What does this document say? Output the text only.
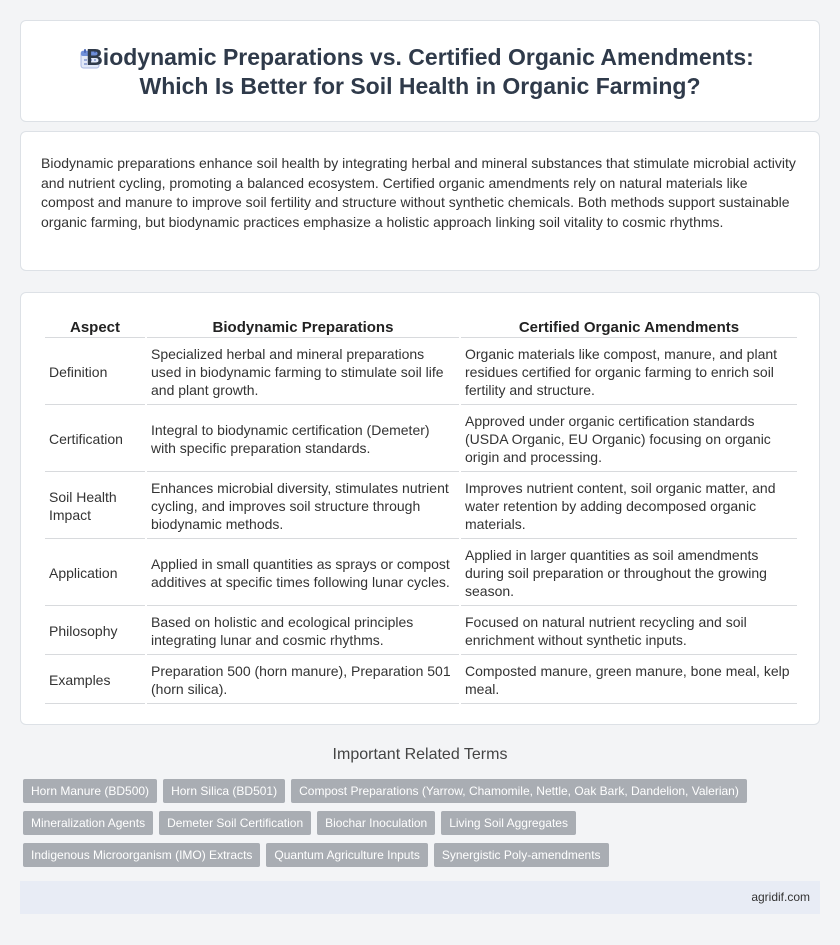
Biodynamic Preparations vs. Certified Organic Amendments:
Which Is Better for Soil Health in Organic Farming?

Biodynamic preparations enhance soil health by integrating herbal and mineral substances that stimulate microbial activity and nutrient cycling, promoting a balanced ecosystem. Certified organic amendments rely on natural materials like compost and manure to improve soil fertility and structure without synthetic chemicals. Both methods support sustainable organic farming, but biodynamic practices emphasize a holistic approach linking soil vitality to cosmic rhythms.

Aspect	Biodynamic Preparations	Certified Organic Amendments
Definition	Specialized herbal and mineral preparations used in biodynamic farming to stimulate soil life and plant growth.	Organic materials like compost, manure, and plant residues certified for organic farming to enrich soil fertility and structure.
Certification	Integral to biodynamic certification (Demeter) with specific preparation standards.	Approved under organic certification standards (USDA Organic, EU Organic) focusing on organic origin and processing.
Soil Health Impact	Enhances microbial diversity, stimulates nutrient cycling, and improves soil structure through biodynamic methods.	Improves nutrient content, soil organic matter, and water retention by adding decomposed organic materials.
Application	Applied in small quantities as sprays or compost additives at specific times following lunar cycles.	Applied in larger quantities as soil amendments during soil preparation or throughout the growing season.
Philosophy	Based on holistic and ecological principles integrating lunar and cosmic rhythms.	Focused on natural nutrient recycling and soil enrichment without synthetic inputs.
Examples	Preparation 500 (horn manure), Preparation 501 (horn silica).	Composted manure, green manure, bone meal, kelp meal.
Important Related Terms
Horn Manure (BD500)	Horn Silica (BD501)	Compost Preparations (Yarrow, Chamomile, Nettle, Oak Bark, Dandelion, Valerian)
Mineralization Agents	Demeter Soil Certification	Biochar Inoculation	Living Soil Aggregates
Indigenous Microorganism (IMO) Extracts	Quantum Agriculture Inputs	Synergistic Poly-amendments
agridif.com
